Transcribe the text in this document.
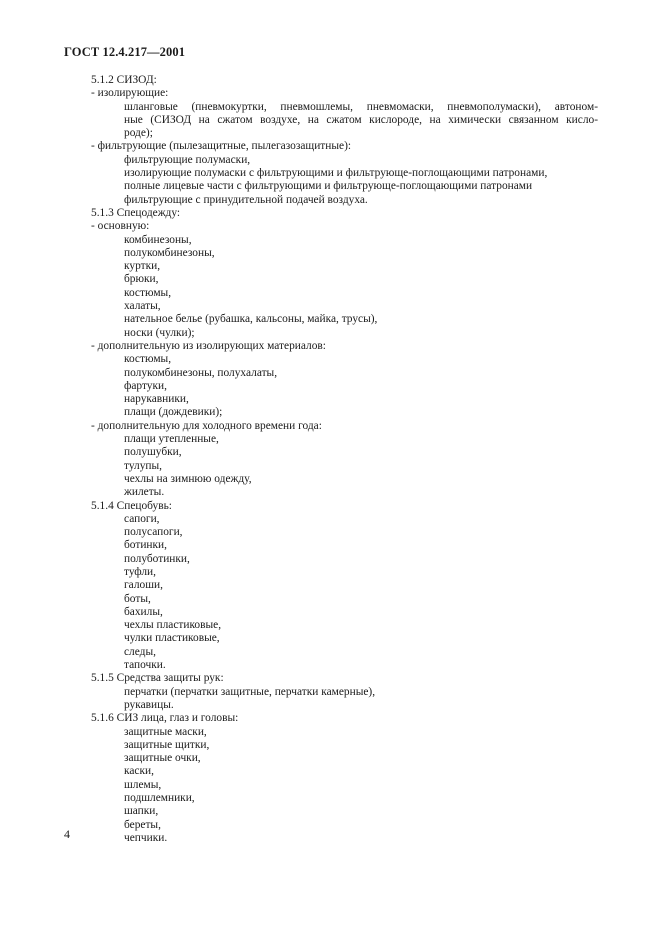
ГОСТ 12.4.217—2001
5.1.2 СИЗОД:
- изолирующие:
шланговые (пневмокуртки, пневмошлемы, пневмомаски, пневмополумаски), автоном-
ные (СИЗОД на сжатом воздухе, на сжатом кислороде, на химически связанном кисло-
роде);
- фильтрующие (пылезащитные, пылегазозащитные):
фильтрующие полумаски,
изолирующие полумаски с фильтрующими и фильтрующе-поглощающими патронами,
полные лицевые части с фильтрующими и фильтрующе-поглощающими патронами
фильтрующие с принудительной подачей воздуха.
5.1.3 Спецодежду:
- основную:
комбинезоны,
полукомбинезоны,
куртки,
брюки,
костюмы,
халаты,
нательное белье (рубашка, кальсоны, майка, трусы),
носки (чулки);
- дополнительную из изолирующих материалов:
костюмы,
полукомбинезоны, полухалаты,
фартуки,
нарукавники,
плащи (дождевики);
- дополнительную для холодного времени года:
плащи утепленные,
полушубки,
тулупы,
чехлы на зимнюю одежду,
жилеты.
5.1.4 Спецобувь:
сапоги,
полусапоги,
ботинки,
полуботинки,
туфли,
галоши,
боты,
бахилы,
чехлы пластиковые,
чулки пластиковые,
следы,
тапочки.
5.1.5 Средства защиты рук:
перчатки (перчатки защитные, перчатки камерные),
рукавицы.
5.1.6 СИЗ лица, глаз и головы:
защитные маски,
защитные щитки,
защитные очки,
каски,
шлемы,
подшлемники,
шапки,
береты,
чепчики.
4
